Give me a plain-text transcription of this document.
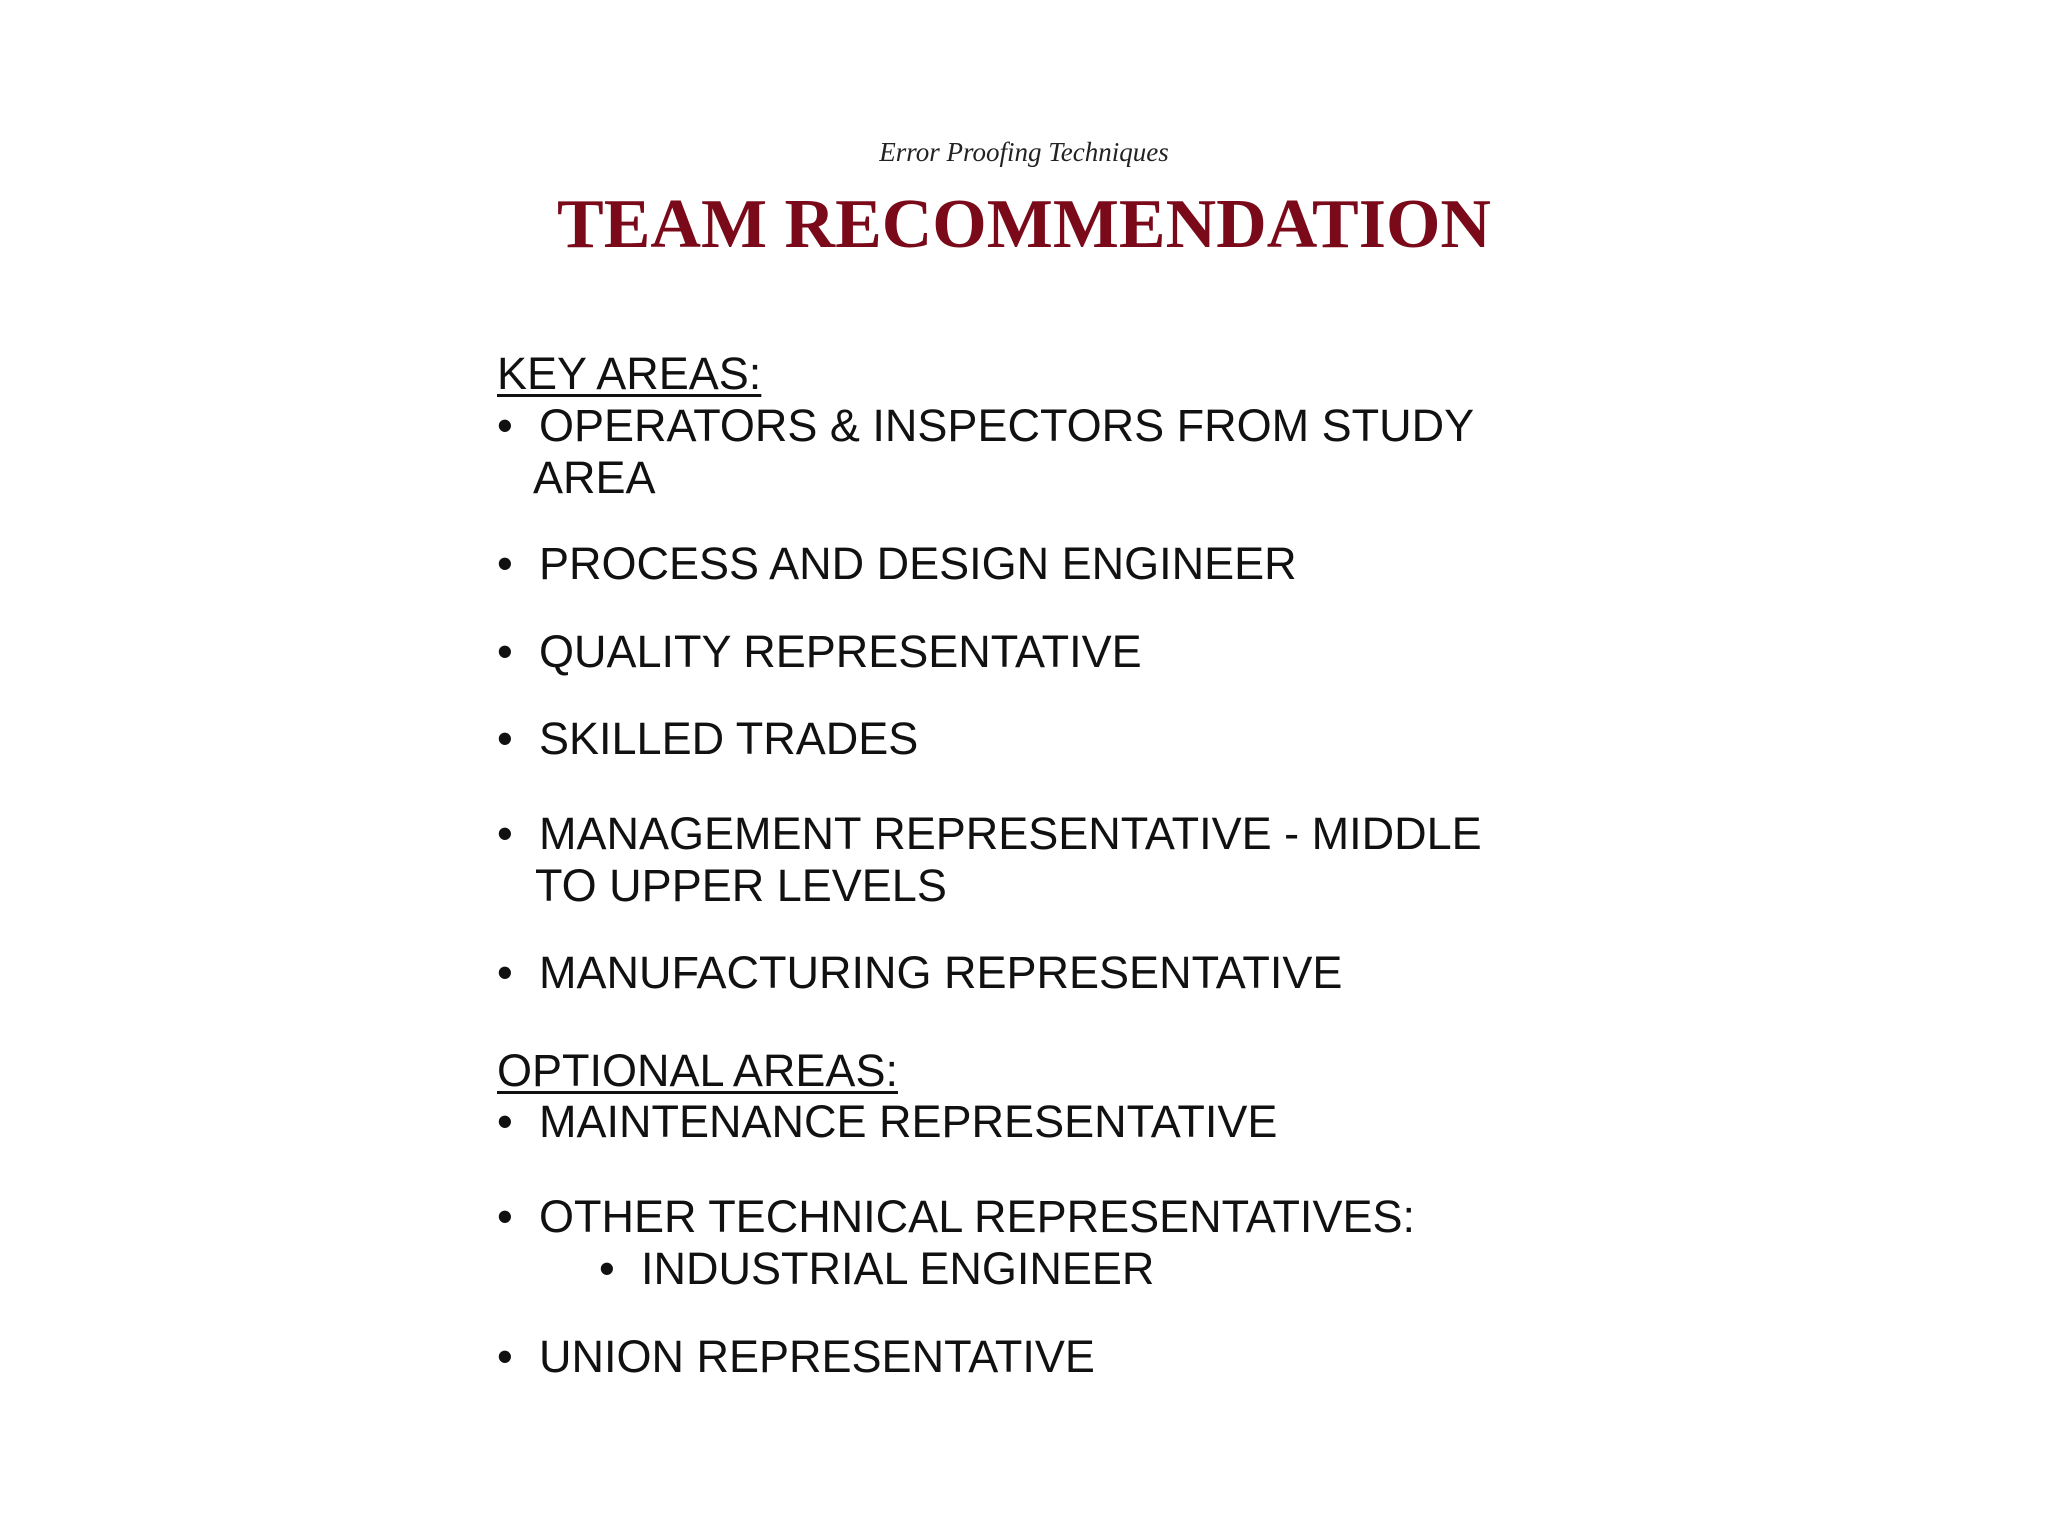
Error Proofing Techniques
TEAM RECOMMENDATION
KEY AREAS:
• OPERATORS & INSPECTORS FROM STUDY
AREA
• PROCESS AND DESIGN ENGINEER
• QUALITY REPRESENTATIVE
• SKILLED TRADES
• MANAGEMENT REPRESENTATIVE - MIDDLE
TO UPPER LEVELS
• MANUFACTURING REPRESENTATIVE
OPTIONAL AREAS:
• MAINTENANCE REPRESENTATIVE
• OTHER TECHNICAL REPRESENTATIVES:
• INDUSTRIAL ENGINEER
• UNION REPRESENTATIVE
